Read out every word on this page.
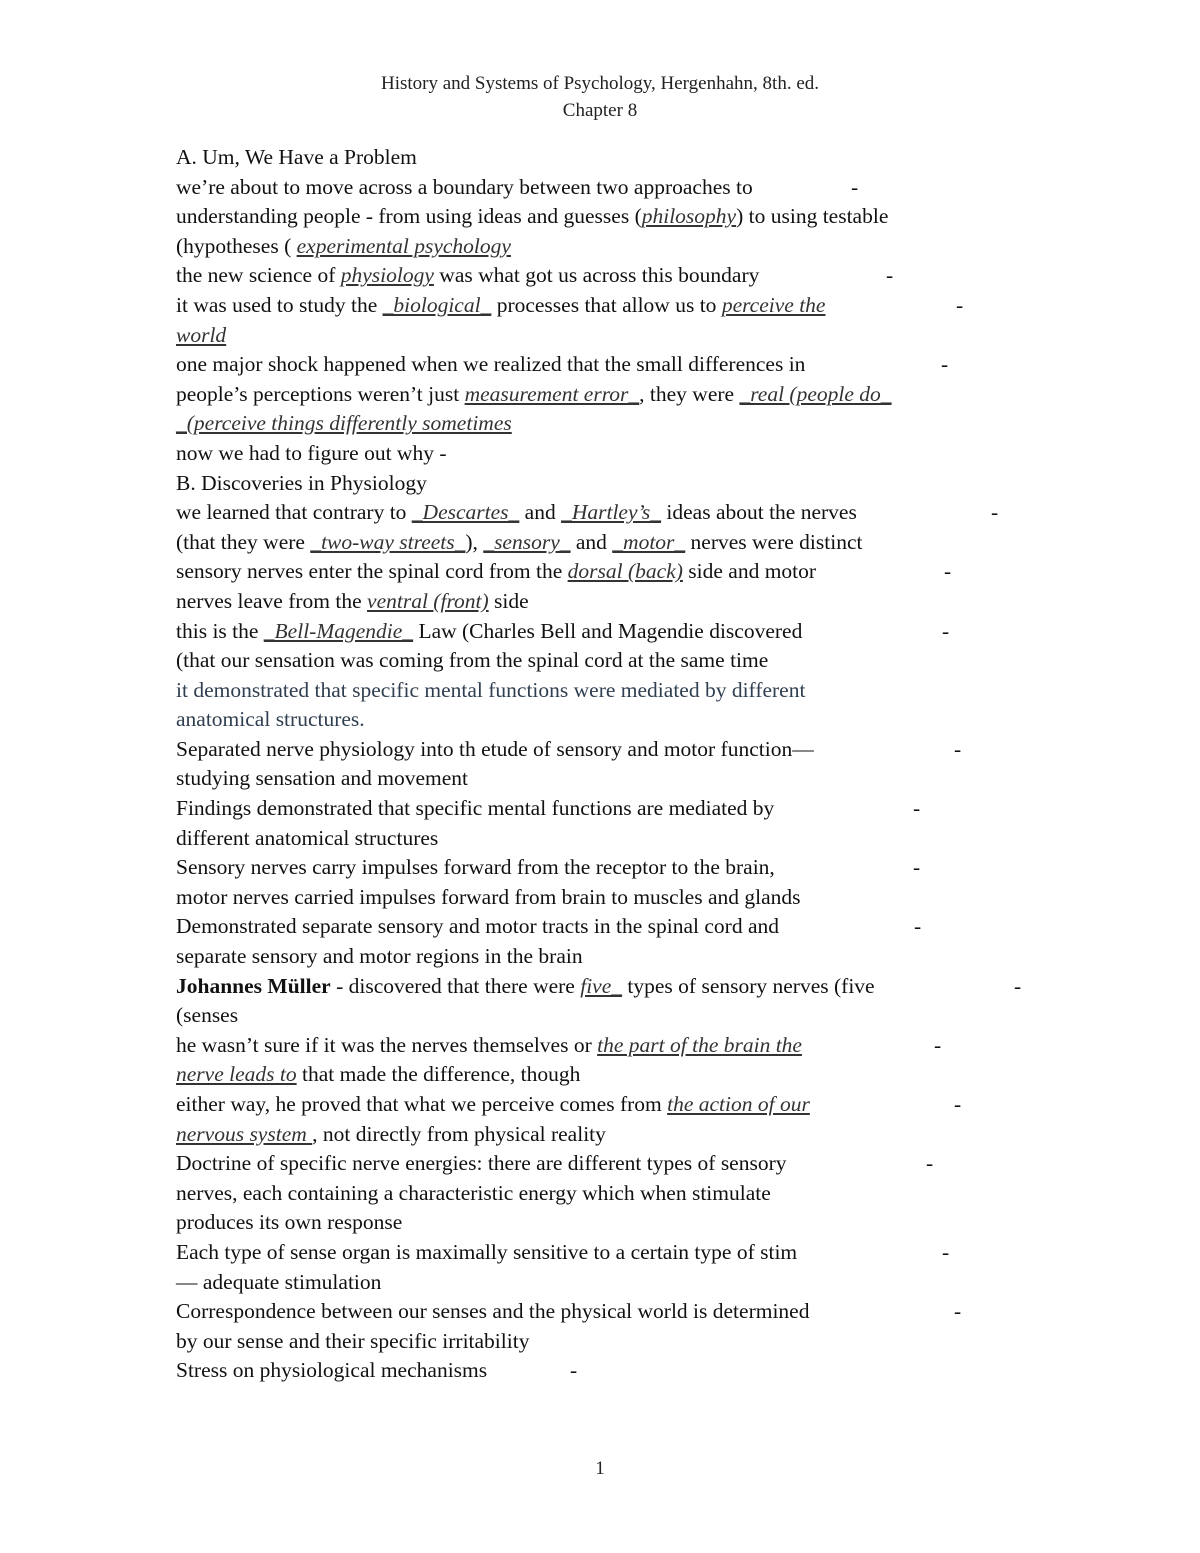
History and Systems of Psychology, Hergenhahn, 8th. ed.
Chapter 8
A. Um, We Have a Problem
we’re about to move across a boundary between two approaches to	-
understanding people - from using ideas and guesses (philosophy) to using testable
(hypotheses ( experimental psychology
the new science of physiology was what got us across this boundary	-
it was used to study the _biological_ processes that allow us to perceive the	-
world
one major shock happened when we realized that the small differences in	-
people’s perceptions weren’t just measurement error_, they were _real (people do_
_(perceive things differently sometimes
now we had to figure out why -
B. Discoveries in Physiology
we learned that contrary to _Descartes_ and _Hartley’s_ ideas about the nerves	-
(that they were _two-way streets_), _sensory_ and _motor_ nerves were distinct
sensory nerves enter the spinal cord from the dorsal (back) side and motor	-
nerves leave from the ventral (front) side
this is the _Bell-Magendie_ Law (Charles Bell and Magendie discovered	-
(that our sensation was coming from the spinal cord at the same time
it demonstrated that specific mental functions were mediated by different
anatomical structures.
Separated nerve physiology into th etude of sensory and motor function—	-
studying sensation and movement
Findings demonstrated that specific mental functions are mediated by	-
different anatomical structures
Sensory nerves carry impulses forward from the receptor to the brain,	-
motor nerves carried impulses forward from brain to muscles and glands
Demonstrated separate sensory and motor tracts in the spinal cord and	-
separate sensory and motor regions in the brain
Johannes Müller - discovered that there were five_ types of sensory nerves (five	-
(senses
he wasn’t sure if it was the nerves themselves or the part of the brain the	-
nerve leads to that made the difference, though
either way, he proved that what we perceive comes from the action of our	-
nervous system , not directly from physical reality
Doctrine of specific nerve energies: there are different types of sensory	-
nerves, each containing a characteristic energy which when stimulate
produces its own response
Each type of sense organ is maximally sensitive to a certain type of stim	-
— adequate stimulation
Correspondence between our senses and the physical world is determined	-
by our sense and their specific irritability
Stress on physiological mechanisms	-
1
